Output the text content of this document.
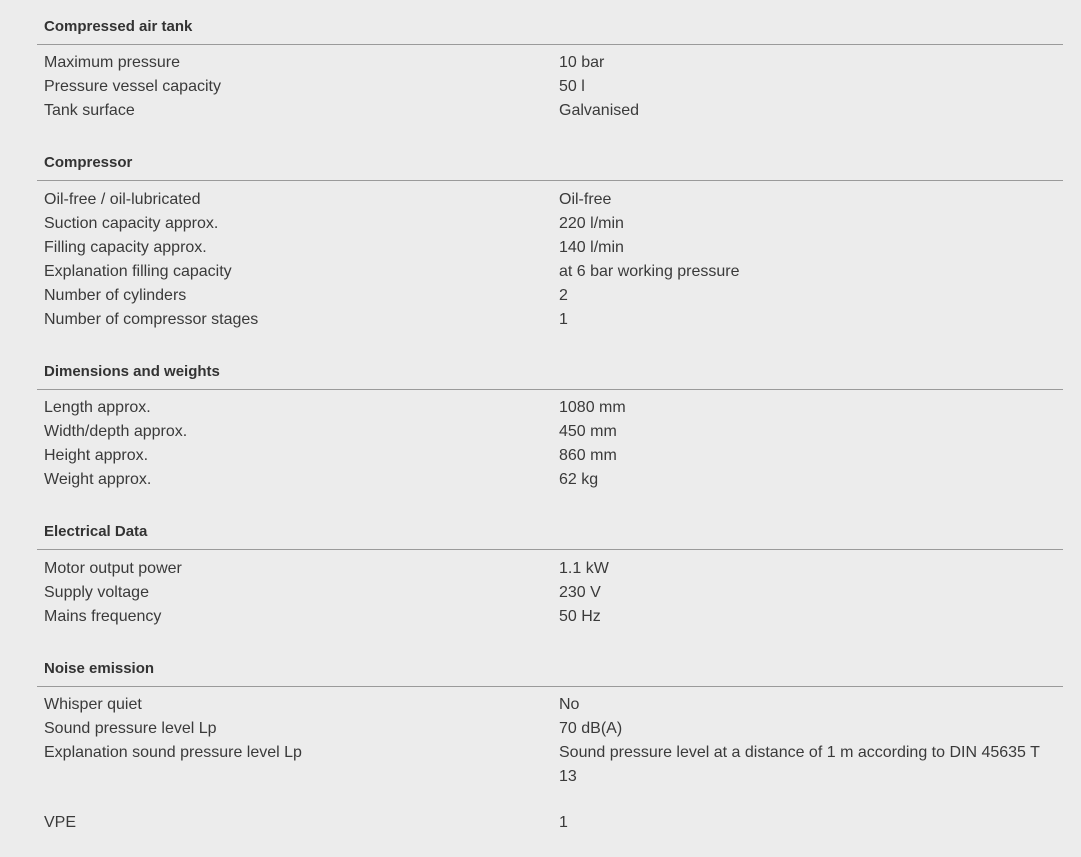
Compressed air tank
Maximum pressure	10 bar
Pressure vessel capacity	50 l
Tank surface	Galvanised
Compressor
Oil-free / oil-lubricated	Oil-free
Suction capacity approx.	220 l/min
Filling capacity approx.	140 l/min
Explanation filling capacity	at 6 bar working pressure
Number of cylinders	2
Number of compressor stages	1
Dimensions and weights
Length approx.	1080 mm
Width/depth approx.	450 mm
Height approx.	860 mm
Weight approx.	62 kg
Electrical Data
Motor output power	1.1 kW
Supply voltage	230 V
Mains frequency	50 Hz
Noise emission
Whisper quiet	No
Sound pressure level Lp	70 dB(A)
Explanation sound pressure level Lp	Sound pressure level at a distance of 1 m according to DIN 45635 T 13
VPE	1
